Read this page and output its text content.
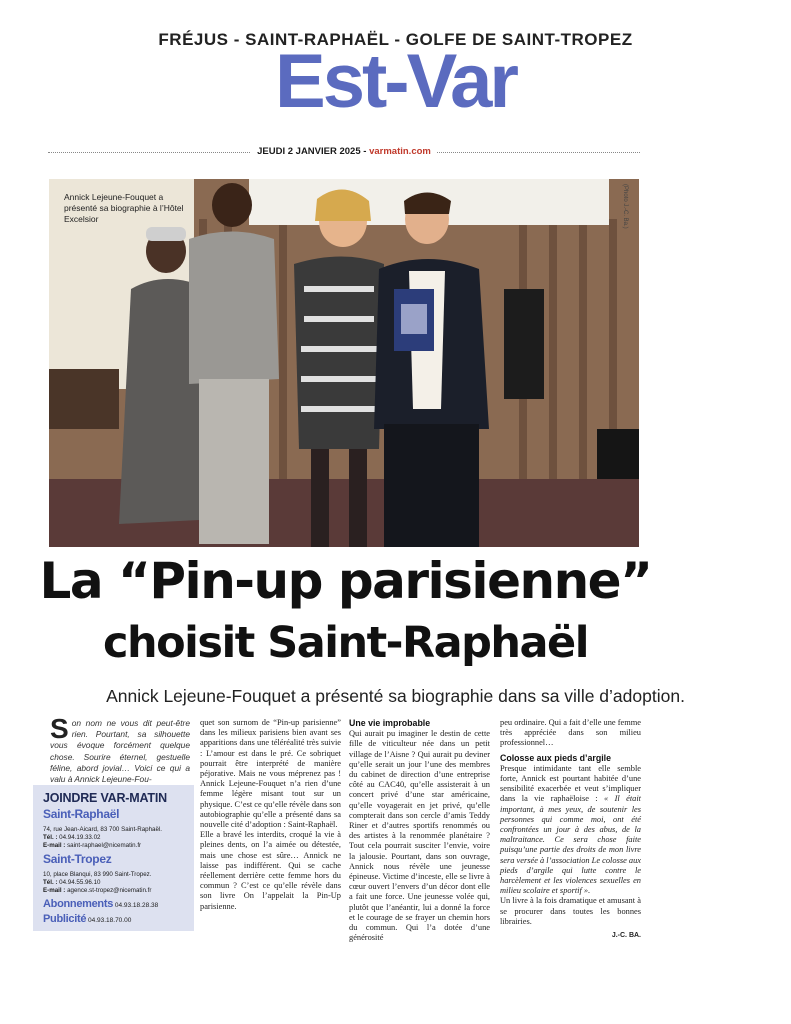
FRÉJUS - SAINT-RAPHAËL - GOLFE DE SAINT-TROPEZ
Est-Var
JEUDI 2 JANVIER 2025 - varmatin.com
Annick Lejeune-Fouquet a présenté sa biographie à l’Hôtel Excelsior	(Photo J.-C. Ba.)
La “Pin-up parisienne”
choisit Saint-Raphaël
Annick Lejeune-Fouquet a présenté sa biographie dans sa ville d’adoption.
Son nom ne vous dit peut-être rien. Pourtant, sa silhouette vous évoque forcément quelque chose. Sourire éternel, gestuelle féline, abord jovial… Voici ce qui a valu à Annick Lejeune-Fou-
JOINDRE VAR-MATIN
Saint-Raphaël
74, rue Jean-Aicard, 83 700 Saint-Raphaël.
Tél. : 04.94.19.33.02
E-mail : saint-raphael@nicematin.fr
Saint-Tropez
10, place Blanqui, 83 990 Saint-Tropez.
Tél. : 04.94.55.96.10
E-mail : agence.st-tropez@nicematin.fr
Abonnements 04.93.18.28.38
Publicité 04.93.18.70.00
quet son surnom de “Pin-up parisienne” dans les milieux parisiens bien avant ses apparitions dans une téléréalité très suivie : L’amour est dans le pré. Ce sobriquet pourrait être interprété de manière péjorative. Mais ne vous méprenez pas ! Annick Lejeune-Fouquet n’a rien d’une femme légère misant tout sur un physique. C’est ce qu’elle révèle dans son autobiographie qu’elle a présenté dans sa nouvelle cité d’adoption : Saint-Raphaël.
Elle a bravé les interdits, croqué la vie à pleines dents, on l’a aimée ou détestée, mais une chose est sûre… Annick ne laisse pas indifférent. Qui se cache réellement derrière cette femme hors du commun ? C’est ce qu’elle révèle dans son livre On l’appelait la Pin-Up parisienne.
Une vie improbable
Qui aurait pu imaginer le destin de cette fille de viticulteur née dans un petit village de l’Aisne ? Qui aurait pu deviner qu’elle serait un jour l’une des membres du cabinet de direction d’une entreprise côté au CAC40, qu’elle assisterait à un concert privé d’une star américaine, qu’elle voyagerait en jet privé, qu’elle compterait dans son cercle d’amis Teddy Riner et d’autres sportifs renommés ou des artistes à la renommée planétaire ? Tout cela pourrait susciter l’envie, voire la jalousie. Pourtant, dans son ouvrage, Annick nous révèle une jeunesse épineuse. Victime d’inceste, elle se livre à cœur ouvert l’envers d’un décor dont elle a fait une force. Une jeunesse volée qui, plutôt que l’anéantir, lui a donné la force et le courage de se frayer un chemin hors du commun. Qui l’a dotée d’une générosité
peu ordinaire. Qui a fait d’elle une femme très appréciée dans son milieu professionnel…
Colosse aux pieds d’argile
Presque intimidante tant elle semble forte, Annick est pourtant habitée d’une sensibilité exacerbée et veut s’impliquer dans la vie raphaëloise : « Il était important, à mes yeux, de soutenir les personnes qui comme moi, ont été confrontées un jour à des abus, de la maltraitance. Ce sera chose faite puisqu’une partie des droits de mon livre sera versée à l’association Le colosse aux pieds d’argile qui lutte contre le harcèlement et les violences sexuelles en milieu scolaire et sportif ».
Un livre à la fois dramatique et amusant à se procurer dans toutes les bonnes librairies.
J.-C. BA.
